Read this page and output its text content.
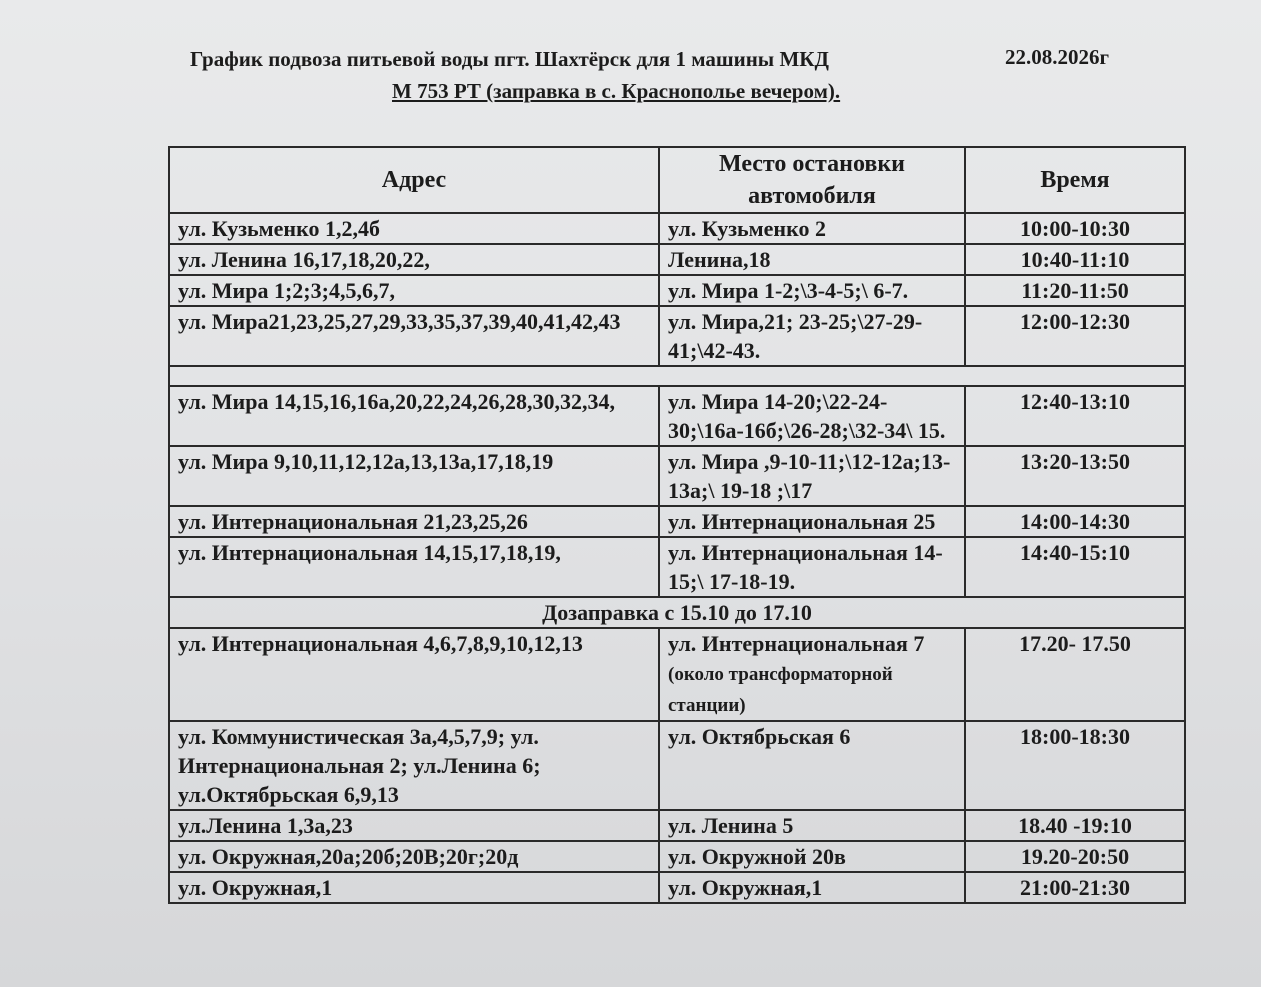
График подвоза питьевой воды пгт. Шахтёрск для 1 машины МКД	22.08.2026г
М 753 РТ (заправка в с. Краснополье вечером).
Адрес	Место остановки автомобиля	Время
ул. Кузьменко 1,2,4б	ул. Кузьменко 2	10:00-10:30
ул. Ленина 16,17,18,20,22,	Ленина,18	10:40-11:10
ул. Мира 1;2;3;4,5,6,7,	ул. Мира 1-2;\3-4-5;\ 6-7.	11:20-11:50
ул. Мира21,23,25,27,29,33,35,37,39,40,41,42,43	ул. Мира,21; 23-25;\27-29-41;\42-43.	12:00-12:30

ул. Мира 14,15,16,16а,20,22,24,26,28,30,32,34,	ул. Мира 14-20;\22-24-30;\16а-16б;\26-28;\32-34\ 15.	12:40-13:10
ул. Мира 9,10,11,12,12а,13,13а,17,18,19	ул. Мира ,9-10-11;\12-12а;13-13а;\ 19-18 ;\17	13:20-13:50
ул. Интернациональная 21,23,25,26	ул. Интернациональная 25	14:00-14:30
ул. Интернациональная 14,15,17,18,19,	ул. Интернациональная 14-15;\ 17-18-19.	14:40-15:10
Дозаправка с 15.10 до 17.10		
ул. Интернациональная 4,6,7,8,9,10,12,13	ул. Интернациональная 7 (около трансформаторной станции)	17.20- 17.50
ул. Коммунистическая 3а,4,5,7,9; ул. Интернациональная 2; ул.Ленина 6; ул.Октябрьская 6,9,13	ул. Октябрьская 6	18:00-18:30
ул.Ленина 1,3а,23	ул. Ленина 5	18.40 -19:10
ул. Окружная,20а;20б;20В;20г;20д	ул. Окружной 20в	19.20-20:50
ул. Окружная,1	ул. Окружная,1	21:00-21:30
